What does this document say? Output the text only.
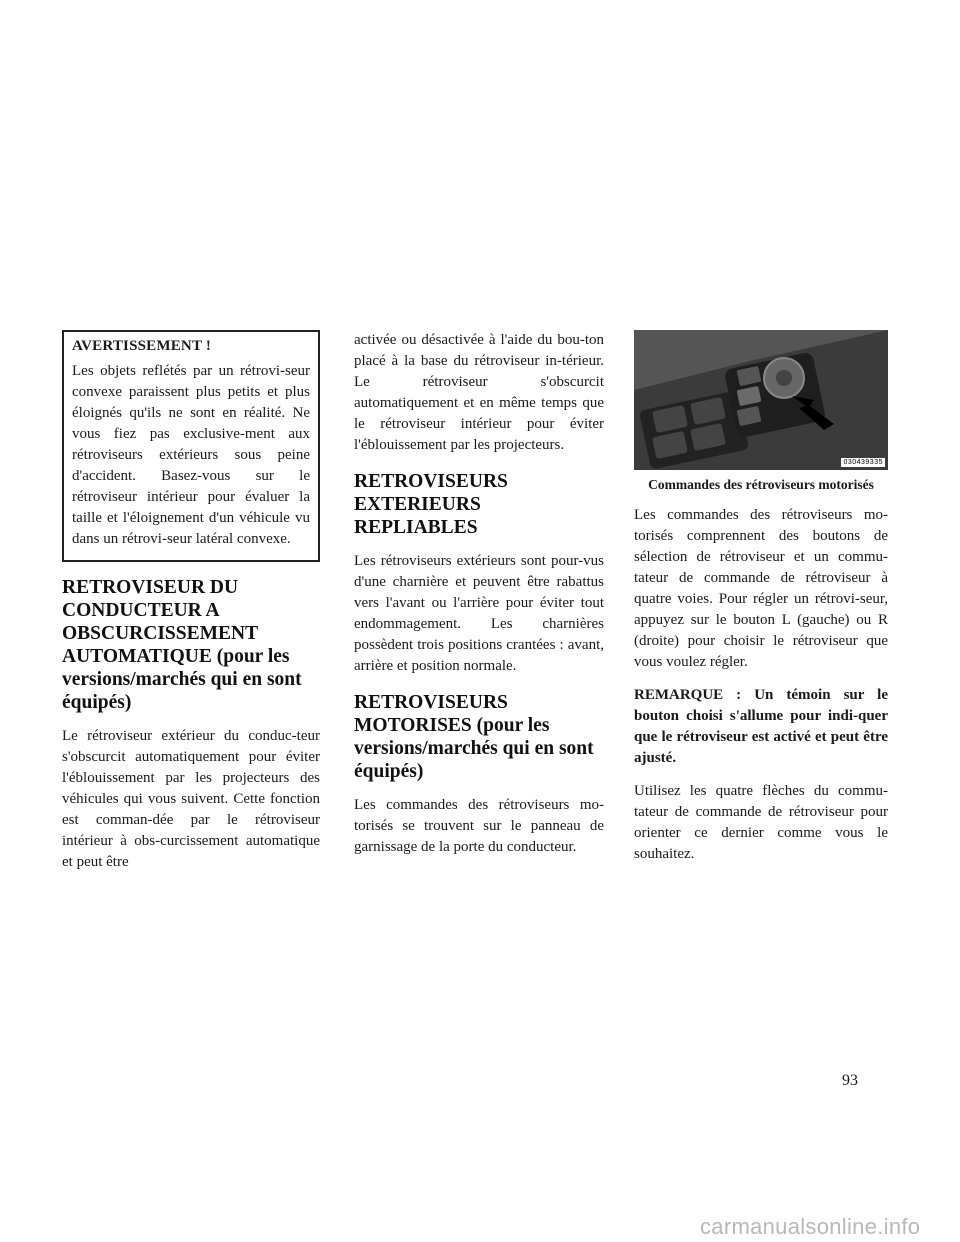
AVERTISSEMENT !

Les objets reflétés par un rétrovi-seur convexe paraissent plus petits et plus éloignés qu'ils ne sont en réalité. Ne vous fiez pas exclusive-ment aux rétroviseurs extérieurs sous peine d'accident. Basez-vous sur le rétroviseur intérieur pour évaluer la taille et l'éloignement d'un véhicule vu dans un rétrovi-seur latéral convexe.

RETROVISEUR DU CONDUCTEUR A OBSCURCISSEMENT AUTOMATIQUE (pour les versions/marchés qui en sont équipés)

Le rétroviseur extérieur du conduc-teur s'obscurcit automatiquement pour éviter l'éblouissement par les projecteurs des véhicules qui vous suivent. Cette fonction est comman-dée par le rétroviseur intérieur à obs-curcissement automatique et peut être

activée ou désactivée à l'aide du bou-ton placé à la base du rétroviseur in-térieur. Le rétroviseur s'obscurcit automatiquement et en même temps que le rétroviseur intérieur pour éviter l'éblouissement par les projecteurs.

RETROVISEURS EXTERIEURS REPLIABLES

Les rétroviseurs extérieurs sont pour-vus d'une charnière et peuvent être rabattus vers l'avant ou l'arrière pour éviter tout endommagement. Les charnières possèdent trois positions crantées : avant, arrière et position normale.

RETROVISEURS MOTORISES (pour les versions/marchés qui en sont équipés)

Les commandes des rétroviseurs mo-torisés se trouvent sur le panneau de garnissage de la porte du conducteur.

030439335
Commandes des rétroviseurs motorisés

Les commandes des rétroviseurs mo-torisés comprennent des boutons de sélection de rétroviseur et un commu-tateur de commande de rétroviseur à quatre voies. Pour régler un rétrovi-seur, appuyez sur le bouton L (gauche) ou R (droite) pour choisir le rétroviseur que vous voulez régler.

REMARQUE : Un témoin sur le bouton choisi s'allume pour indi-quer que le rétroviseur est activé et peut être ajusté.

Utilisez les quatre flèches du commu-tateur de commande de rétroviseur pour orienter ce dernier comme vous le souhaitez.

93
carmanualsonline.info
